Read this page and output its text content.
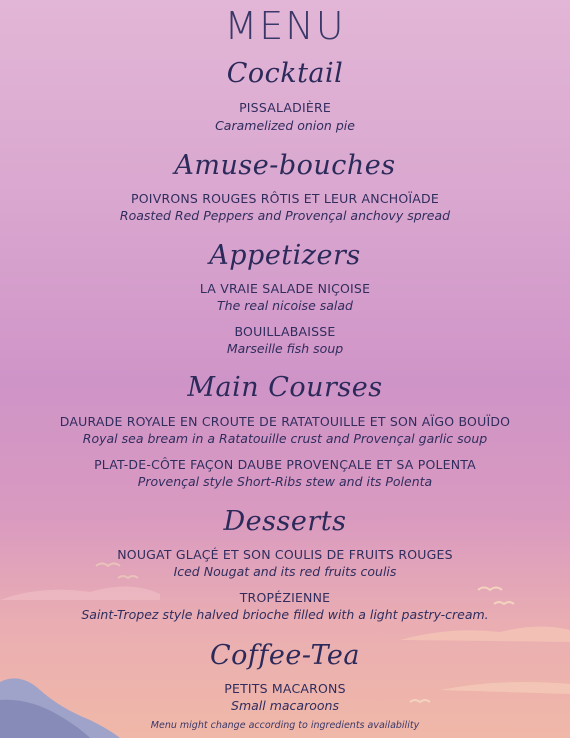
MENU
Cocktail
PISSALADIÈRE
Caramelized onion pie
Amuse-bouches
POIVRONS ROUGES RÔTIS ET LEUR ANCHOÏADE
Roasted Red Peppers and Provençal anchovy spread
Appetizers
LA VRAIE SALADE NIÇOISE
The real nicoise salad
BOUILLABAISSE
Marseille fish soup
Main Courses
DAURADE ROYALE EN CROUTE DE RATATOUILLE ET SON AÏGO BOUÏDO
Royal sea bream in a Ratatouille crust and Provençal garlic soup
PLAT-DE-CÔTE FAÇON DAUBE PROVENÇALE ET SA POLENTA
Provençal style Short-Ribs stew and its Polenta
Desserts
NOUGAT GLAÇÉ ET SON COULIS DE FRUITS ROUGES
Iced Nougat and its red fruits coulis
TROPÉZIENNE
Saint-Tropez style halved brioche filled with a light pastry-cream.
Coffee-Tea
PETITS MACARONS
Small macaroons
Menu might change according to ingredients availability
